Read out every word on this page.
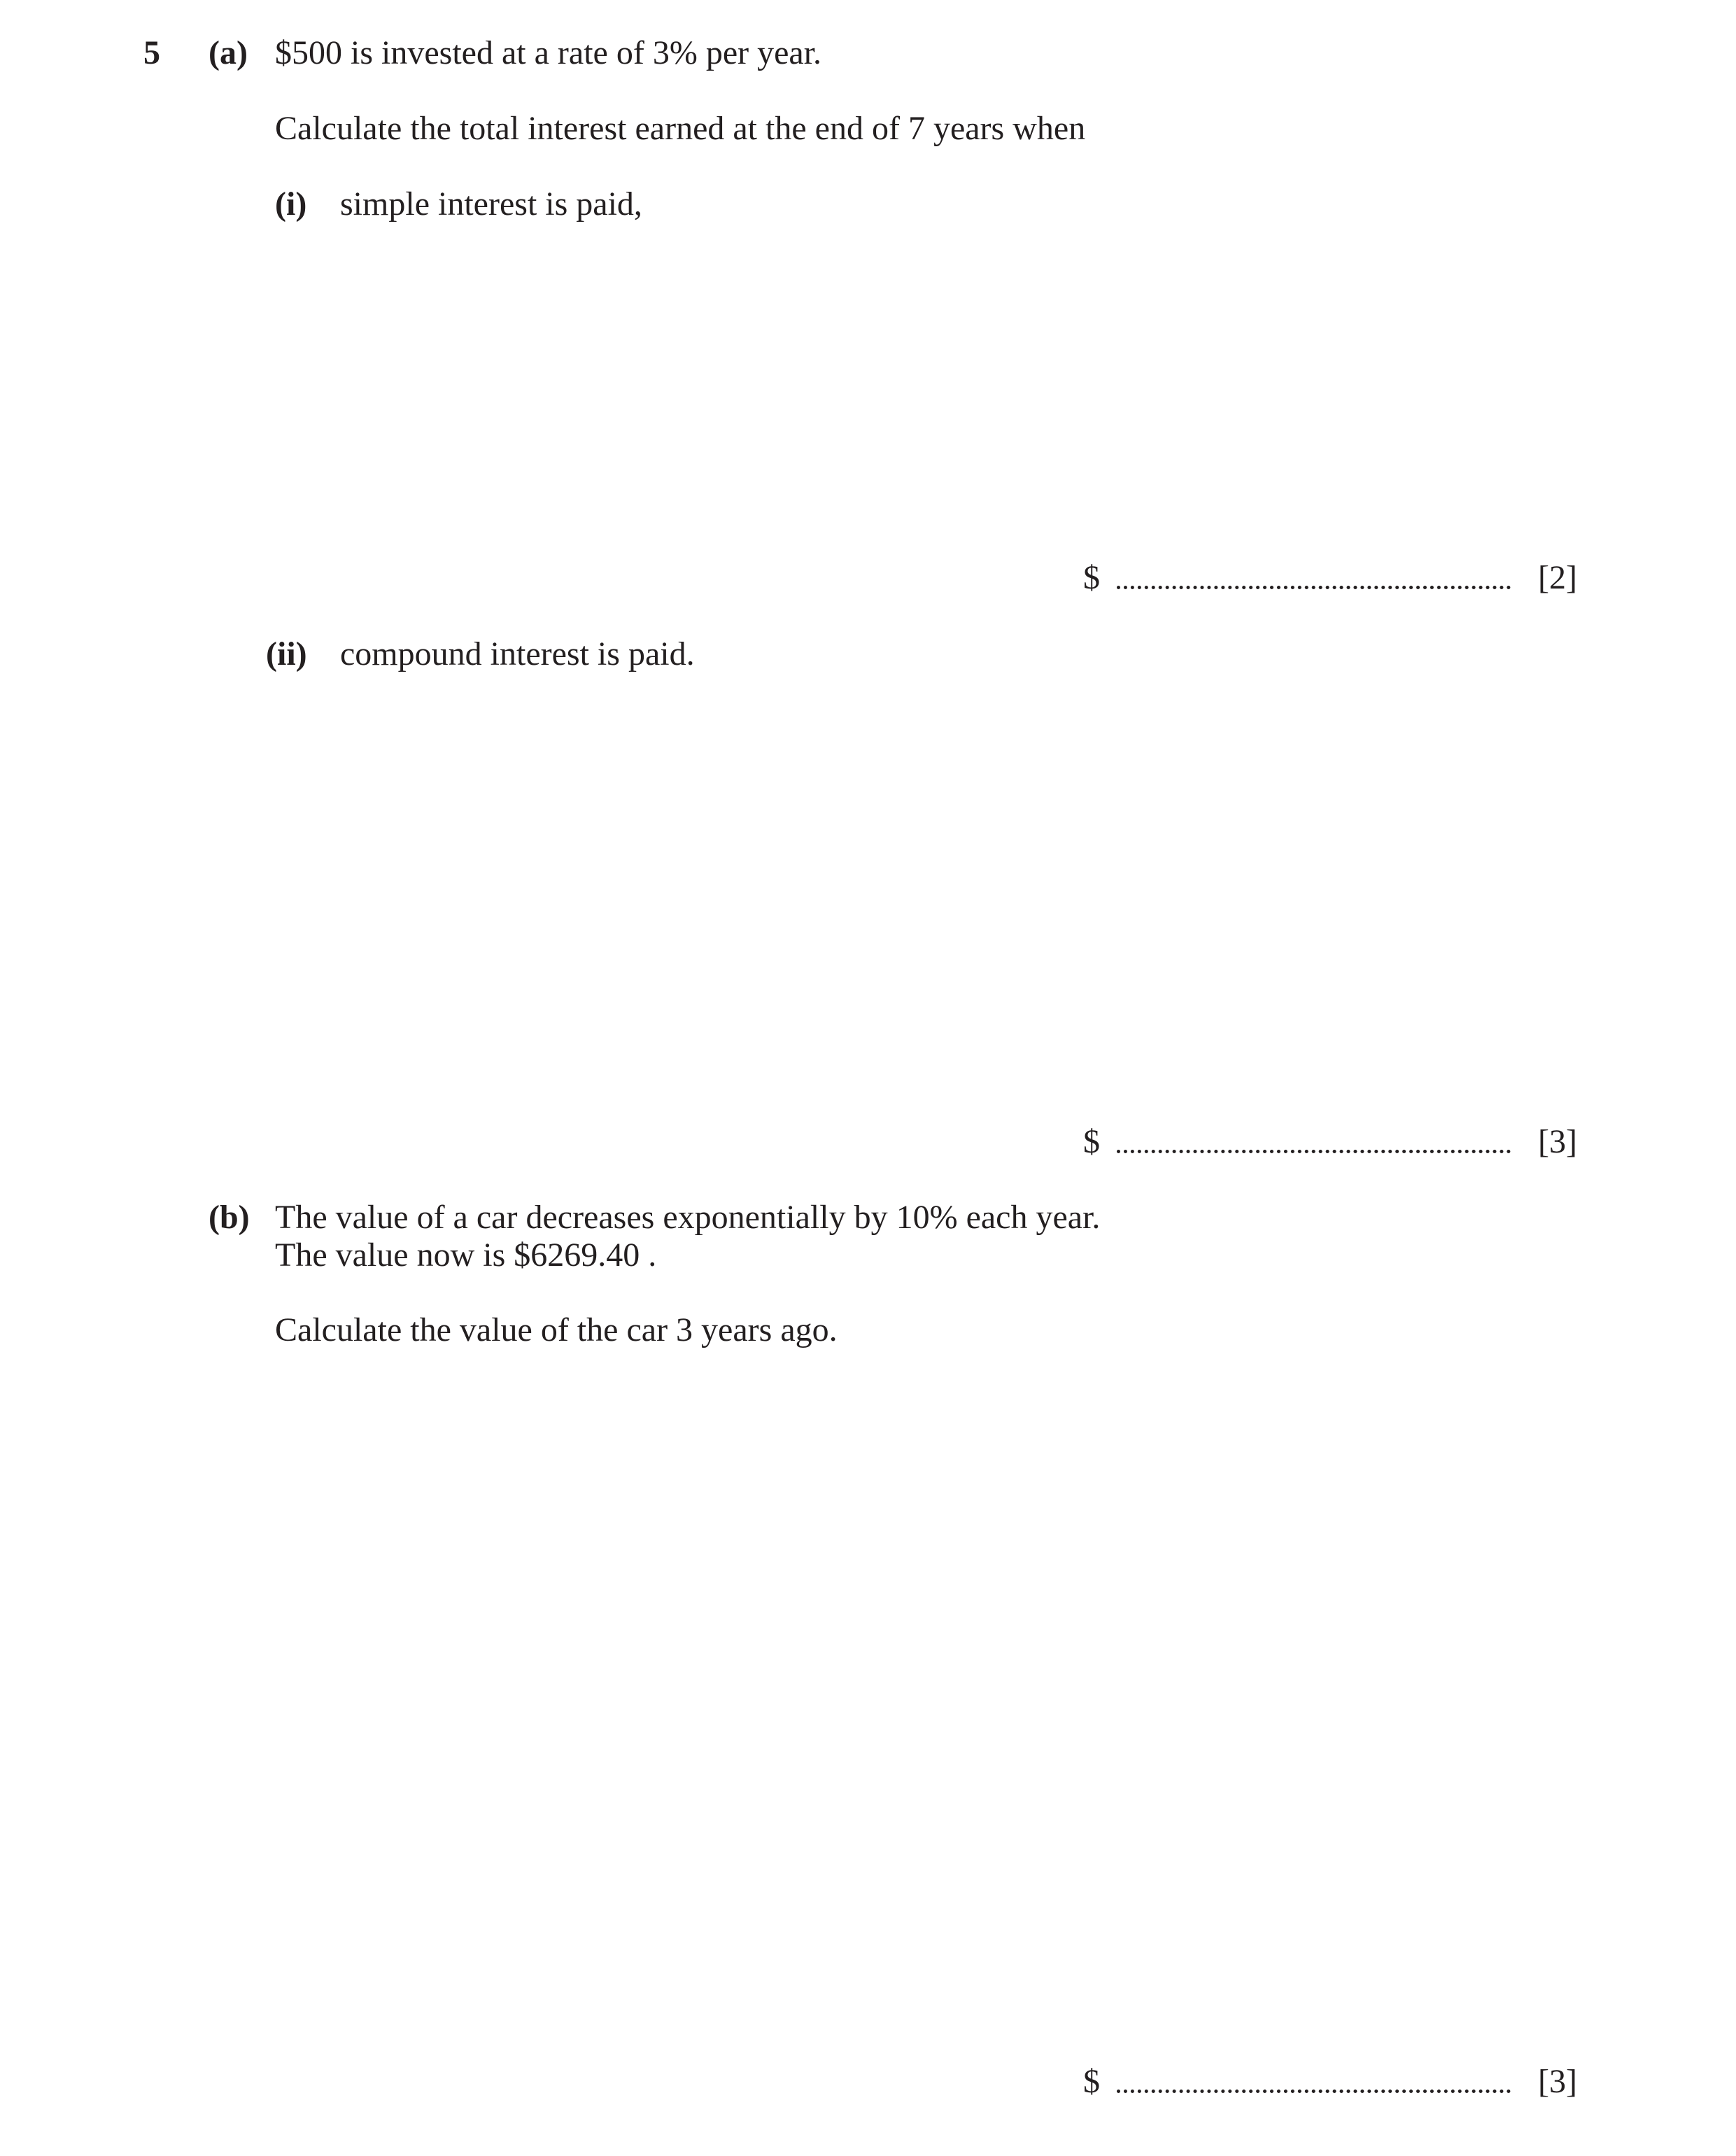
5 (a) $500 is invested at a rate of 3% per year.

Calculate the total interest earned at the end of 7 years when

(i) simple interest is paid,

$	[2]

(ii) compound interest is paid.

$	[3]

(b) The value of a car decreases exponentially by 10% each year.

The value now is $6269.40 .

Calculate the value of the car 3 years ago.

$	[3]
